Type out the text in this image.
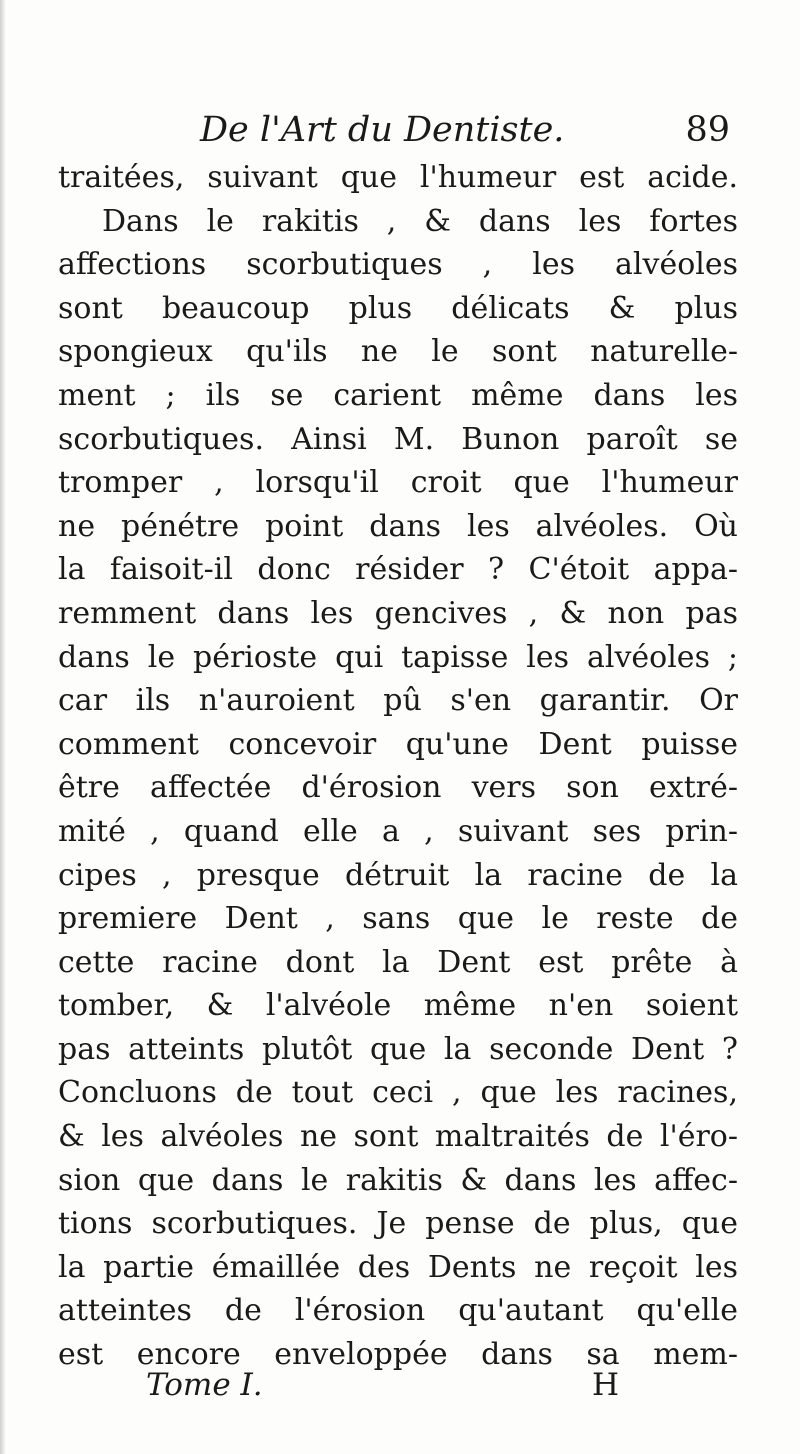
De l'Art du Dentiste.	89
traitées, suivant que l'humeur est acide.
Dans le rakitis , & dans les fortes
affections scorbutiques , les alvéoles
sont beaucoup plus délicats & plus
spongieux qu'ils ne le sont naturelle-
ment ; ils se carient même dans les
scorbutiques. Ainsi M. Bunon paroît se
tromper , lorsqu'il croit que l'humeur
ne pénétre point dans les alvéoles. Où
la faisoit-il donc résider ? C'étoit appa-
remment dans les gencives , & non pas
dans le périoste qui tapisse les alvéoles ;
car ils n'auroient pû s'en garantir. Or
comment concevoir qu'une Dent puisse
être affectée d'érosion vers son extré-
mité , quand elle a , suivant ses prin-
cipes , presque détruit la racine de la
premiere Dent , sans que le reste de
cette racine dont la Dent est prête à
tomber, & l'alvéole même n'en soient
pas atteints plutôt que la seconde Dent ?
Concluons de tout ceci , que les racines,
& les alvéoles ne sont maltraités de l'éro-
sion que dans le rakitis & dans les affec-
tions scorbutiques. Je pense de plus, que
la partie émaillée des Dents ne reçoit les
atteintes de l'érosion qu'autant qu'elle
est encore enveloppée dans sa mem-
Tome I.	H
